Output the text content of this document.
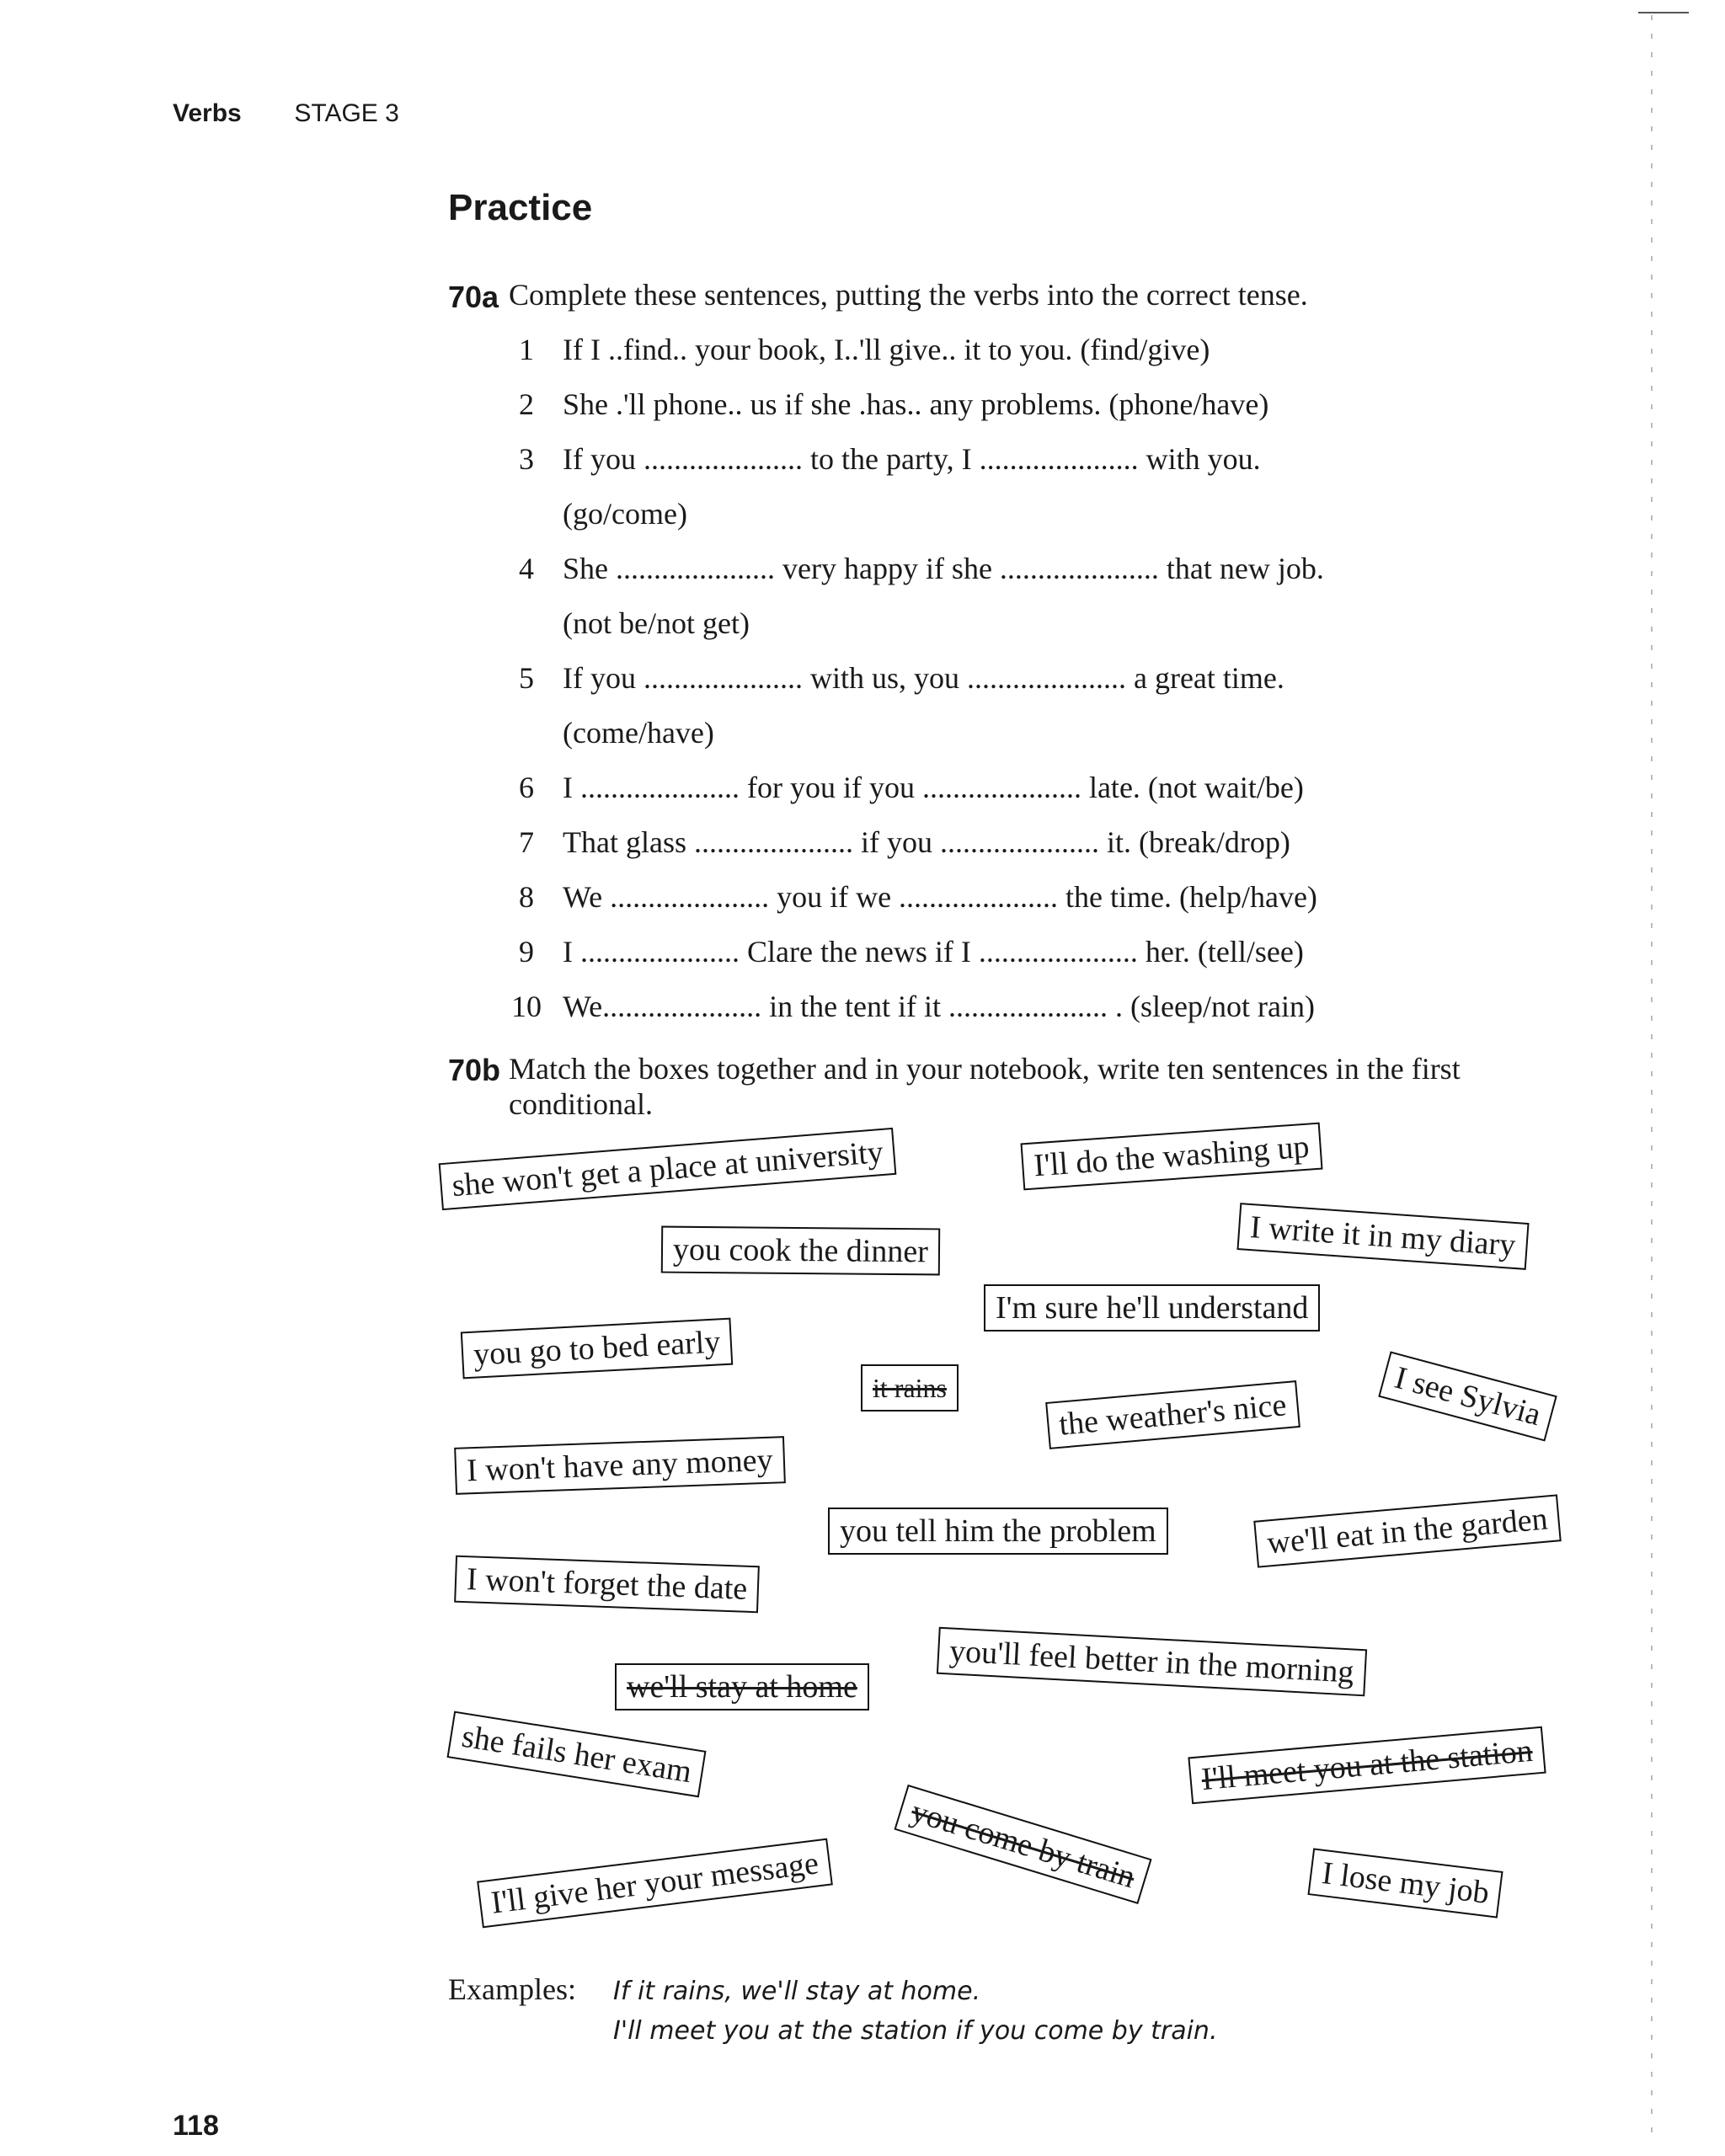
Verbs STAGE 3
Practice
70a Complete these sentences, putting the verbs into the correct tense.
1 If I ..find.. your book, I..'ll give.. it to you. (find/give)
2 She .'ll phone.. us if she .has.. any problems. (phone/have)
3 If you ..................... to the party, I ..................... with you.
(go/come)
4 She ..................... very happy if she ..................... that new job.
(not be/not get)
5 If you ..................... with us, you ..................... a great time.
(come/have)
6 I ..................... for you if you ..................... late. (not wait/be)
7 That glass ..................... if you ..................... it. (break/drop)
8 We ..................... you if we ..................... the time. (help/have)
9 I ..................... Clare the news if I ..................... her. (tell/see)
10 We..................... in the tent if it ..................... . (sleep/not rain)
70b Match the boxes together and in your notebook, write ten sentences in the first conditional.
she won't get a place at university	I'll do the washing up
you cook the dinner	I write it in my diary
I'm sure he'll understand
you go to bed early
it rains	the weather's nice	I see Sylvia
I won't have any money
you tell him the problem	we'll eat in the garden
I won't forget the date
you'll feel better in the morning
we'll stay at home
she fails her exam	I'll meet you at the station
you come by train
I'll give her your message	I lose my job
Examples: If it rains, we'll stay at home.
I'll meet you at the station if you come by train.
118
